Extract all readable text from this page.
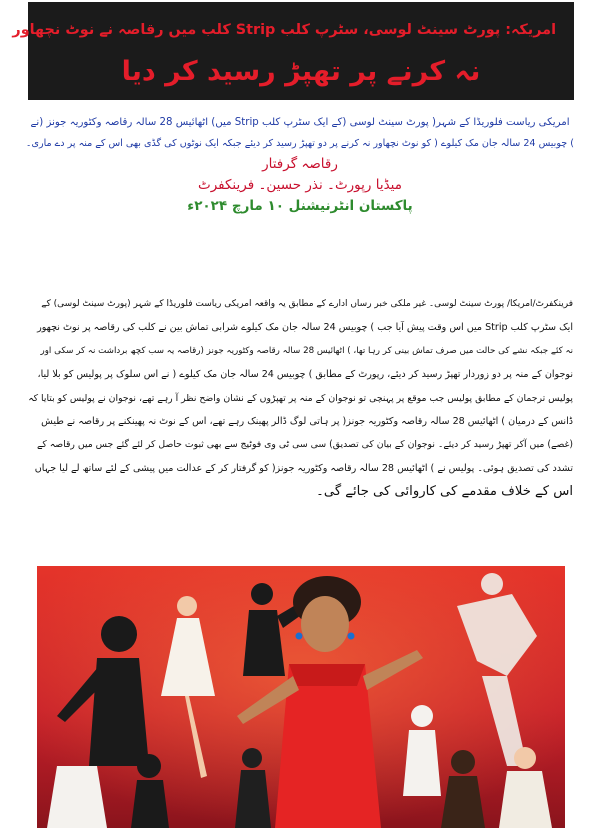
امریکہ: پورٹ سینٹ لوسی، سٹرپ کلب Strip کلب میں رقاصہ نے نوٹ نچھاور
نہ کرنے پر تھپڑ رسید کر دیا
امریکی ریاست فلوریڈا کے شہر( پورٹ سینٹ لوسی (کے ایک سٹرپ کلب Strip میں) اٹھائیس 28 سالہ رقاصہ وکٹوریہ جونز (نے
) چوبیس 24 سالہ جان مک کیلوے ( کو نوٹ نچھاور نہ کرنے پر دو تھپڑ رسید کر دیئے جبکہ ایک نوٹوں کی گڈی بھی اس کے منہ پر دے ماری۔
رقاصہ گرفتار
میڈیا رپورٹ۔ نذر حسین۔ فرینکفرٹ
پاکستان انٹرنیشنل ۱۰ مارچ ۲۰۲۴ء
فرینکفرٹ/امریکا/ پورٹ سینٹ لوسی۔ غیر ملکی خبر رساں ادارے کے مطابق یہ واقعہ امریکی ریاست فلوریڈا کے شہر (پورٹ سینٹ لوسی) کے
ایک سٹرپ کلب Strip میں اس وقت پیش آیا جب ) چوبیس 24 سالہ جان مک کیلوے شرابی تماش بین نے کلب کی رقاصہ پر نوٹ نچھور
نہ کئے جبکہ نشے کی حالت میں صرف تماش بینی کر رہا تھا، ) اٹھائیس 28 سالہ رقاصہ وکٹوریہ جونز (رقاصہ یہ سب کچھ برداشت نہ کر سکی اور
نوجوان کے منہ پر دو زوردار تھپڑ رسید کر دیئے، رپورٹ کے مطابق ) چوبیس 24 سالہ جان مک کیلوے ( نے اس سلوک پر پولیس کو بلا لیا،
پولیس ترجمان کے مطابق پولیس جب موقع پر پہنچی تو نوجوان کے منہ پر تھپڑوں کے نشان واضح نظر آ رہے تھے، نوجوان نے پولیس کو بتایا کہ
ڈانس کے درمیان ) اٹھائیس 28 سالہ رقاصہ وکٹوریہ جونز( پر ہاتی لوگ ڈالر پھینک رہے تھے، اس کے نوٹ نہ پھینکنے پر رقاصہ نے طیش
(غصے) میں آکر تھپڑ رسید کر دیئے۔ نوجوان کے بیان کی تصدیق) سی سی ٹی وی فوٹیج سے بھی ثبوت حاصل کر لئے گئے جس میں رقاصہ کے
تشدد کی تصدیق ہوئی۔ پولیس نے ) اٹھائیس 28 سالہ رقاصہ وکٹوریہ جونز( کو گرفتار کر کے عدالت میں پیشی کے لئے ساتھ لے لیا جہاں
اس کے خلاف مقدمے کی کاروائی کی جائے گی۔
